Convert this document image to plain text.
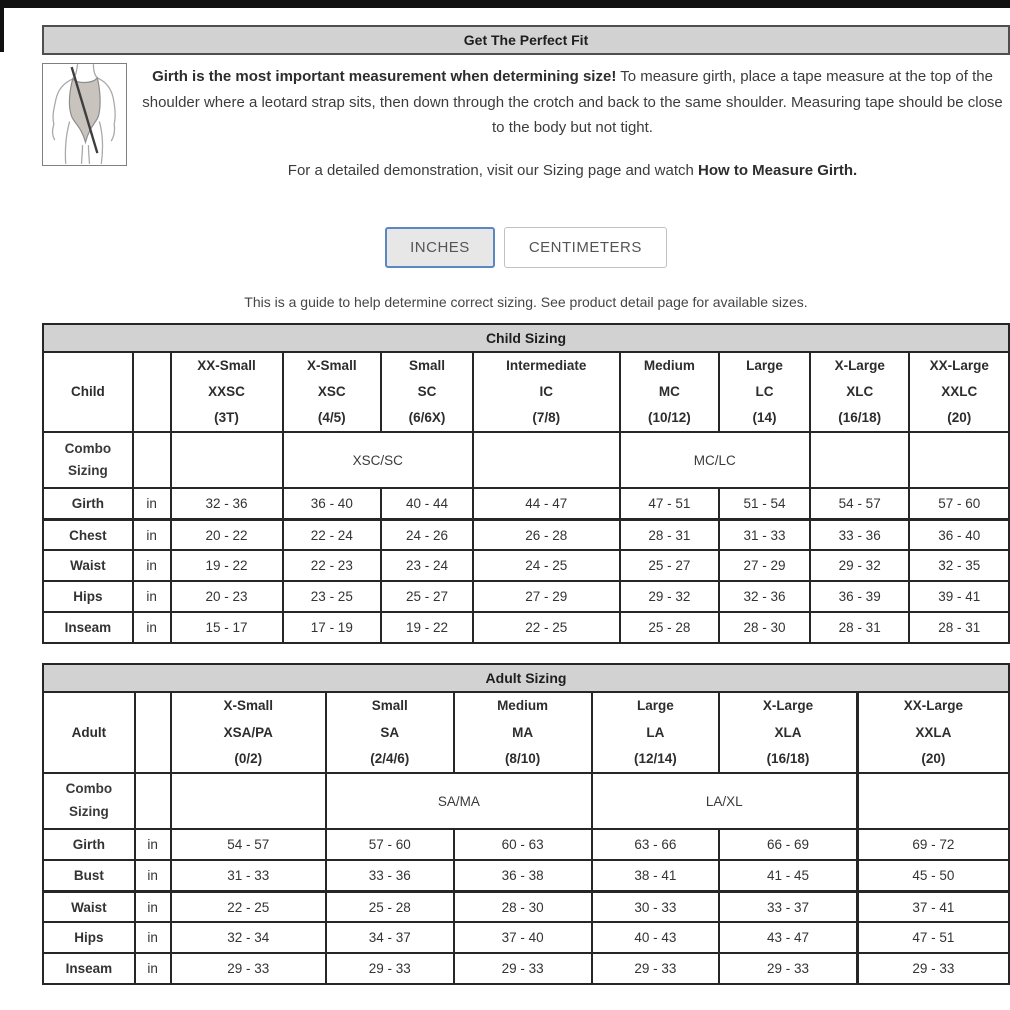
Get The Perfect Fit

Girth is the most important measurement when determining size! To measure girth, place a tape measure at the top of the shoulder where a leotard strap sits, then down through the crotch and back to the same shoulder. Measuring tape should be close to the body but not tight.

For a detailed demonstration, visit our Sizing page and watch How to Measure Girth.

INCHES	CENTIMETERS

This is a guide to help determine correct sizing. See product detail page for available sizes.

Child Sizing									
Child		XX-Small
XXSC
(3T)	X-Small
XSC
(4/5)	Small
SC
(6/6X)	Intermediate
IC
(7/8)	Medium
MC
(10/12)	Large
LC
(14)	X-Large
XLC
(16/18)	XX-Large
XXLC
(20)

Combo Sizing			XSC/SC			MC/LC			
Girth	in	32 - 36	36 - 40	40 - 44	44 - 47	47 - 51	51 - 54	54 - 57	57 - 60
Chest	in	20 - 22	22 - 24	24 - 26	26 - 28	28 - 31	31 - 33	33 - 36	36 - 40
Waist	in	19 - 22	22 - 23	23 - 24	24 - 25	25 - 27	27 - 29	29 - 32	32 - 35
Hips	in	20 - 23	23 - 25	25 - 27	27 - 29	29 - 32	32 - 36	36 - 39	39 - 41
Inseam	in	15 - 17	17 - 19	19 - 22	22 - 25	25 - 28	28 - 30	28 - 31	28 - 31
Adult Sizing							
Adult		X-Small
XSA/PA
(0/2)	Small
SA
(2/4/6)	Medium
MA
(8/10)	Large
LA
(12/14)	X-Large
XLA
(16/18)	XX-Large
XXLA
(20)

Combo Sizing			SA/MA		LA/XL		
Girth	in	54 - 57	57 - 60	60 - 63	63 - 66	66 - 69	69 - 72
Bust	in	31 - 33	33 - 36	36 - 38	38 - 41	41 - 45	45 - 50
Waist	in	22 - 25	25 - 28	28 - 30	30 - 33	33 - 37	37 - 41
Hips	in	32 - 34	34 - 37	37 - 40	40 - 43	43 - 47	47 - 51
Inseam	in	29 - 33	29 - 33	29 - 33	29 - 33	29 - 33	29 - 33
